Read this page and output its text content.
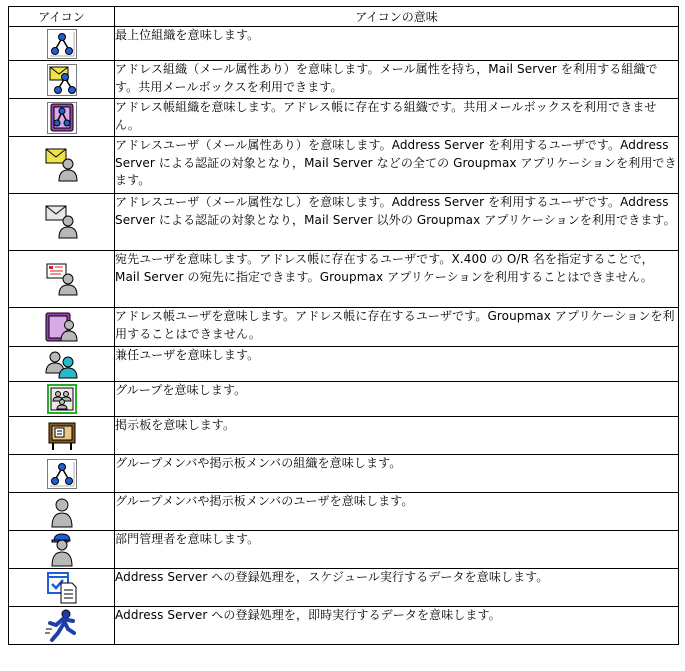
アイコン	アイコンの意味

	最上位組織を意味します。

	アドレス組織（メール属性あり）を意味します。メール属性を持ち，Mail Server を利用する組織です。共用メールボックスを利用できます。

	アドレス帳組織を意味します。アドレス帳に存在する組織です。共用メールボックスを利用できません。

	アドレスユーザ（メール属性あり）を意味します。Address Server を利用するユーザです。Address Server による認証の対象となり，Mail Server などの全ての Groupmax アプリケーションを利用できます。

	アドレスユーザ（メール属性なし）を意味します。Address Server を利用するユーザです。Address Server による認証の対象となり，Mail Server 以外の Groupmax アプリケーションを利用できます。

	宛先ユーザを意味します。アドレス帳に存在するユーザです。X.400 の O/R 名を指定することで，Mail Server の宛先に指定できます。Groupmax アプリケーションを利用することはできません。

	アドレス帳ユーザを意味します。アドレス帳に存在するユーザです。Groupmax アプリケーションを利用することはできません。

	兼任ユーザを意味します。

	グループを意味します。

	掲示板を意味します。

	グループメンバや掲示板メンバの組織を意味します。

	グループメンバや掲示板メンバのユーザを意味します。

	部門管理者を意味します。

	Address Server への登録処理を，スケジュール実行するデータを意味します。

	Address Server への登録処理を，即時実行するデータを意味します。
